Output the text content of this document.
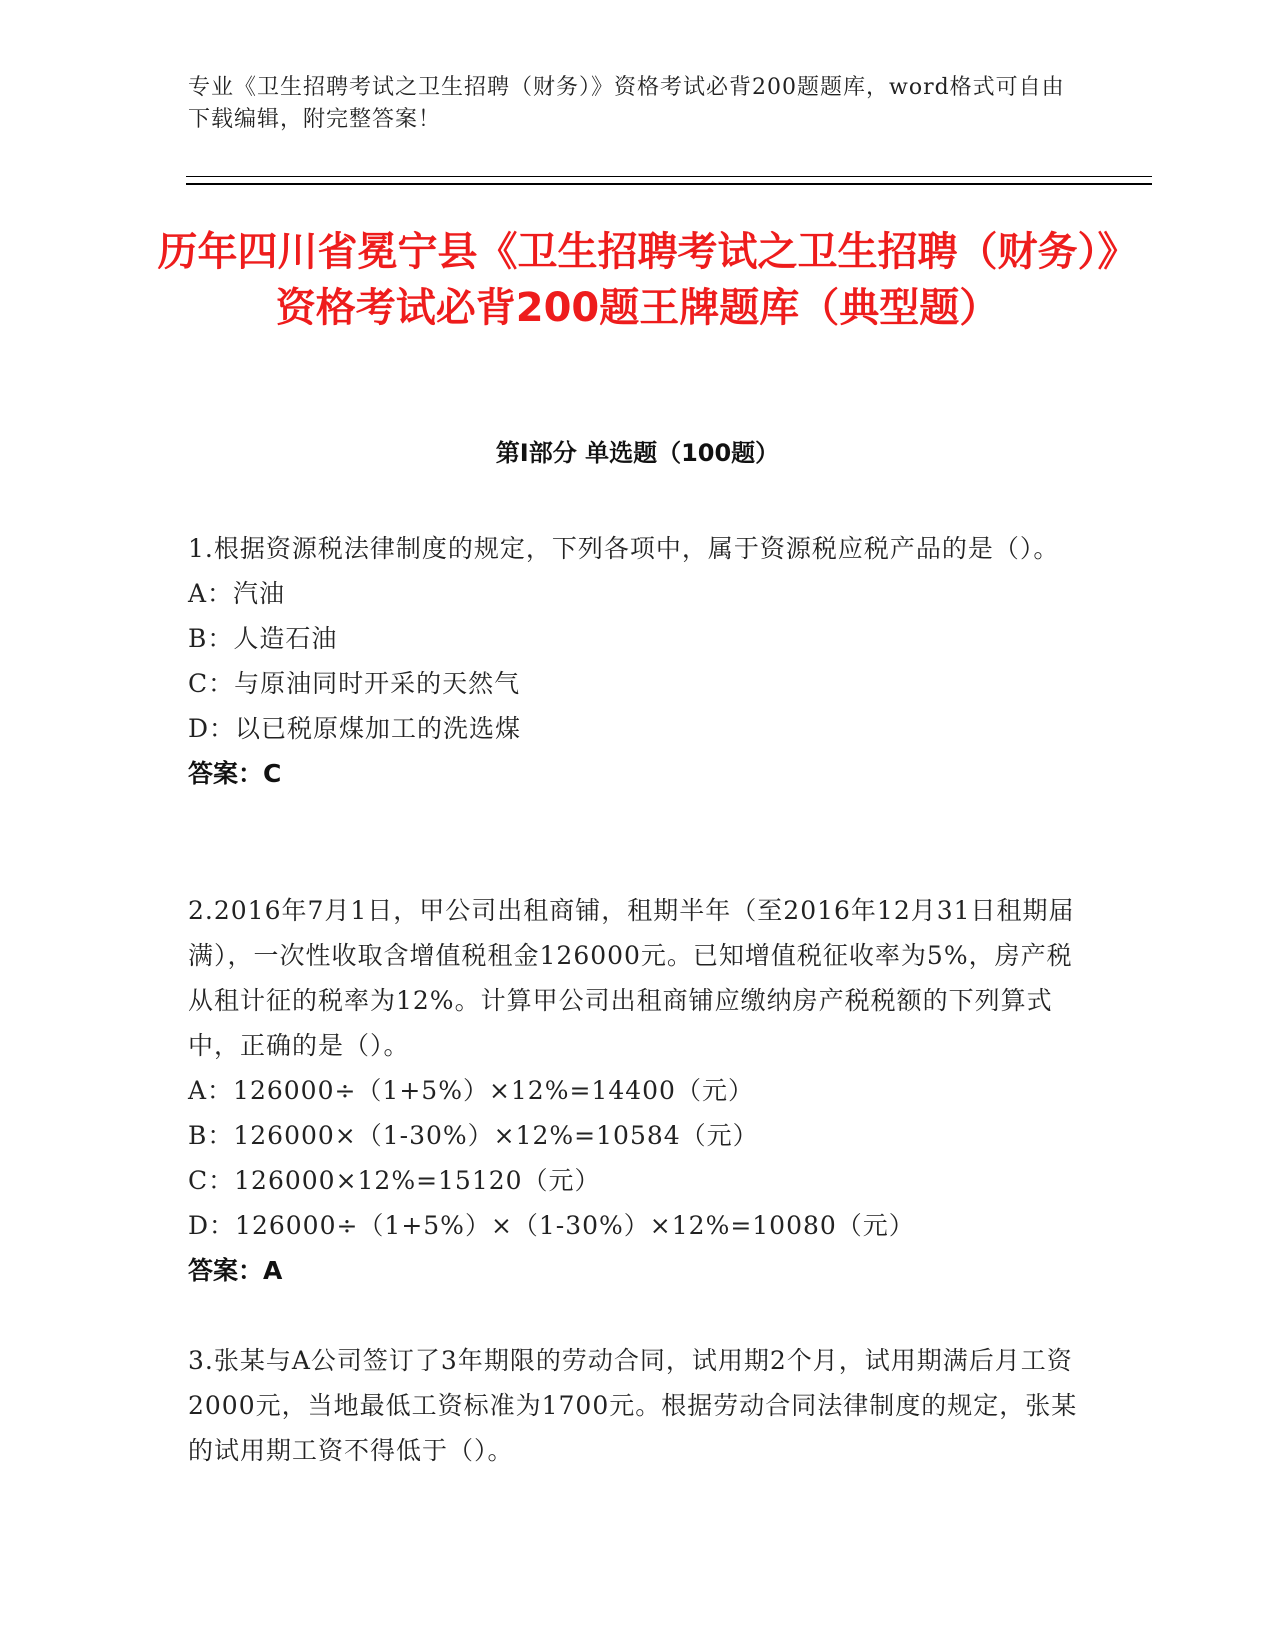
专业《卫生招聘考试之卫生招聘（财务）》资格考试必背200题题库，word格式可自由下载编辑，附完整答案！
历年四川省冕宁县《卫生招聘考试之卫生招聘（财务）》资格考试必背200题王牌题库（典型题）
第I部分 单选题（100题）
1.根据资源税法律制度的规定，下列各项中，属于资源税应税产品的是（）。
A：汽油
B：人造石油
C：与原油同时开采的天然气
D：以已税原煤加工的洗选煤
答案：C
2.2016年7月1日，甲公司出租商铺，租期半年（至2016年12月31日租期届满），一次性收取含增值税租金126000元。已知增值税征收率为5%，房产税从租计征的税率为12%。计算甲公司出租商铺应缴纳房产税税额的下列算式中，正确的是（）。
A：126000÷（1+5%）×12%=14400（元）
B：126000×（1-30%）×12%=10584（元）
C：126000×12%=15120（元）
D：126000÷（1+5%）×（1-30%）×12%=10080（元）
答案：A
3.张某与A公司签订了3年期限的劳动合同，试用期2个月，试用期满后月工资2000元，当地最低工资标准为1700元。根据劳动合同法律制度的规定，张某的试用期工资不得低于（）。
